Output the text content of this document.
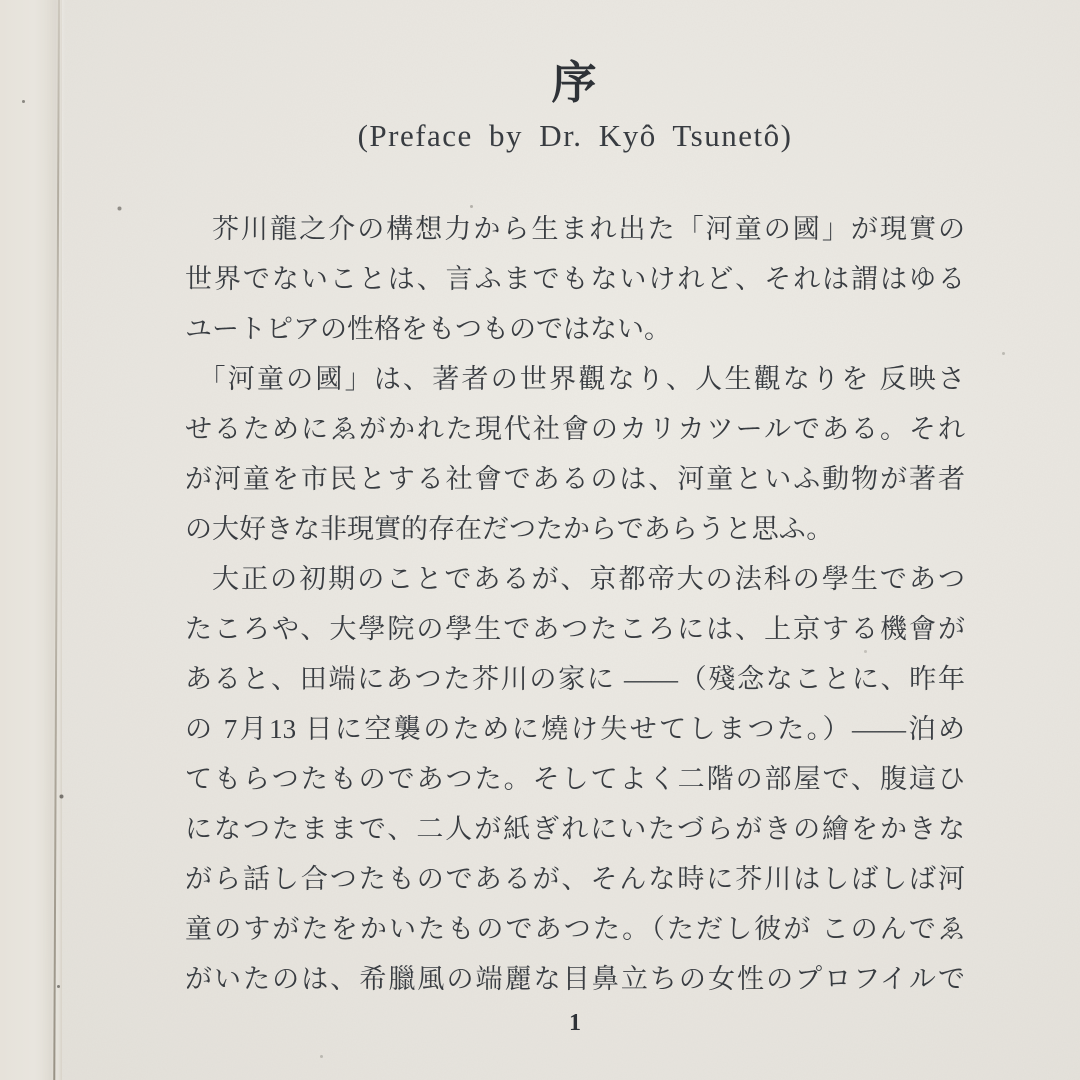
序
(Preface by Dr. Kyô Tsunetô)
芥川龍之介の構想力から生まれ出た「河童の國」が現實の
世界でないことは、言ふまでもないけれど、それは謂はゆる
ユートピアの性格をもつものではない。
「河童の國」は、著者の世界觀なり、人生觀なりを 反映さ
せるためにゑがかれた現代社會のカリカツールである。それ
が河童を市民とする社會であるのは、河童といふ動物が著者
の大好きな非現實的存在だつたからであらうと思ふ。
大正の初期のことであるが、京都帝大の法科の學生であつ
たころや、大學院の學生であつたころには、上京する機會が
あると、田端にあつた芥川の家に ——（殘念なことに、昨年
の 7月13 日に空襲のために燒け失せてしまつた。）——泊め
てもらつたものであつた。そしてよく二階の部屋で、腹這ひ
になつたままで、二人が紙ぎれにいたづらがきの繪をかきな
がら話し合つたものであるが、そんな時に芥川はしばしば河
童のすがたをかいたものであつた。（ただし彼が このんでゑ
がいたのは、希臘風の端麗な目鼻立ちの女性のプロフイルで
1
